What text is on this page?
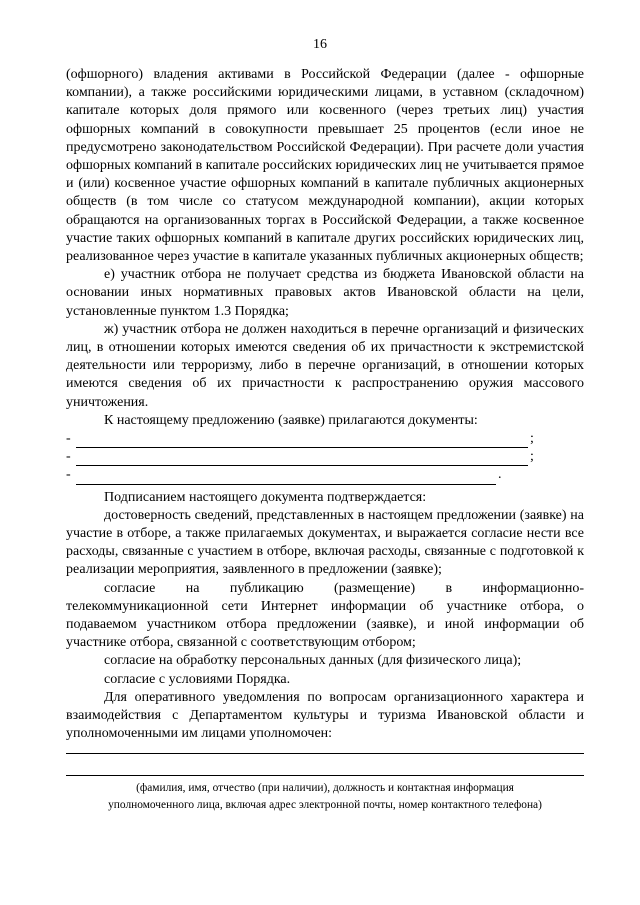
16

(офшорного) владения активами в Российской Федерации (далее - офшорные компании), а также российскими юридическими лицами, в уставном (складочном) капитале которых доля прямого или косвенного (через третьих лиц) участия офшорных компаний в совокупности превышает 25 процентов (если иное не предусмотрено законодательством Российской Федерации). При расчете доли участия офшорных компаний в капитале российских юридических лиц не учитывается прямое и (или) косвенное участие офшорных компаний в капитале публичных акционерных обществ (в том числе со статусом международной компании), акции которых обращаются на организованных торгах в Российской Федерации, а также косвенное участие таких офшорных компаний в капитале других российских юридических лиц, реализованное через участие в капитале указанных публичных акционерных обществ;

е) участник отбора не получает средства из бюджета Ивановской области на основании иных нормативных правовых актов Ивановской области на цели, установленные пунктом 1.3 Порядка;

ж) участник отбора не должен находиться в перечне организаций и физических лиц, в отношении которых имеются сведения об их причастности к экстремистской деятельности или терроризму, либо в перечне организаций, в отношении которых имеются сведения об их причастности к распространению оружия массового уничтожения.

К настоящему предложению (заявке) прилагаются документы:

-	;
-	;
-	.

Подписанием настоящего документа подтверждается:

достоверность сведений, представленных в настоящем предложении (заявке) на участие в отборе, а также прилагаемых документах, и выражается согласие нести все расходы, связанные с участием в отборе, включая расходы, связанные с подготовкой к реализации мероприятия, заявленного в предложении (заявке);

согласие на публикацию (размещение) в информационно-телекоммуникационной сети Интернет информации об участнике отбора, о подаваемом участником отбора предложении (заявке), и иной информации об участнике отбора, связанной с соответствующим отбором;

согласие на обработку персональных данных (для физического лица);

согласие с условиями Порядка.

Для оперативного уведомления по вопросам организационного характера и взаимодействия с Департаментом культуры и туризма Ивановской области и уполномоченными им лицами уполномочен:

(фамилия, имя, отчество (при наличии), должность и контактная информация
уполномоченного лица, включая адрес электронной почты, номер контактного телефона)
